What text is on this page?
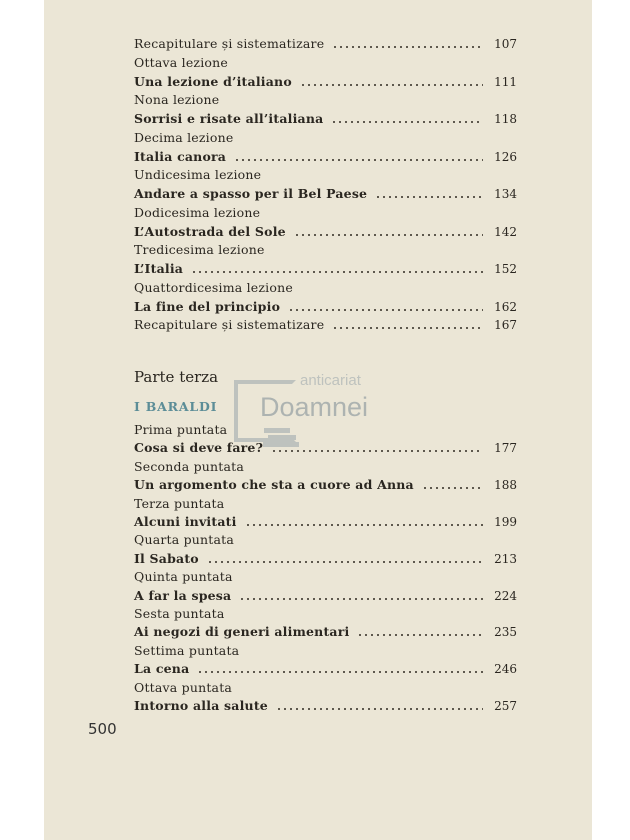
Recapitulare și sistematizare	107
Ottava lezione
Una lezione d’italiano	111
Nona lezione
Sorrisi e risate all’italiana	118
Decima lezione
Italia canora	126
Undicesima lezione
Andare a spasso per il Bel Paese	134
Dodicesima lezione
L’Autostrada del Sole	142
Tredicesima lezione
L’Italia	152
Quattordicesima lezione
La fine del principio	162
Recapitulare și sistematizare	167
Parte terza
I BARALDI
Prima puntata
Cosa si deve fare?	177
Seconda puntata
Un argomento che sta a cuore ad Anna	188
Terza puntata
Alcuni invitati	199
Quarta puntata
Il Sabato	213
Quinta puntata
A far la spesa	224
Sesta puntata
Ai negozi di generi alimentari	235
Settima puntata
La cena	246
Ottava puntata
Intorno alla salute	257
anticariat
Doamnei
500
